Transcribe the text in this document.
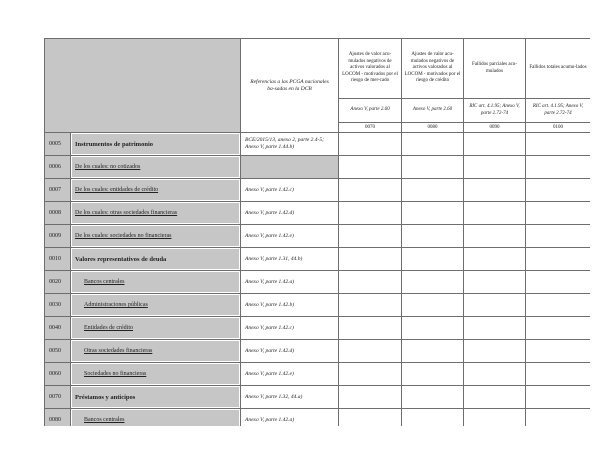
		Referencias a las PCGA nacionales ba-sadas en la DCB	Ajustes de valor acu-mulados negativos de activos valorados al LOCOM - motivados por el riesgo de mer-cado	Ajustes de valor acu-mulados negativos de activos valorados al LOCOM - motivados por el riesgo de crédito	Fallidos parciales acu-mulados	Fallidos totales acumu-lados

			Anexo V, parte 2.60	Anexo V, parte 2.60	RIC art. 4.1.95; Anexo V, parte 2.72-74	RIC art. 4.1.95; Anexo V, parte 2.72-74

			0070	0080	0090	0100

0005	Instrumentos de patrimonio	BCE/2015/13, anexo 2, parte 2.4-5; Anexo V, parte 1.44.b)				

0006	De los cuales: no cotizados					

0007	De los cuales: entidades de crédito	Anexo V, parte 1.42.c)				

0008	De los cuales: otras sociedades financieras	Anexo V, parte 1.42.d)				

0009	De los cuales: sociedades no financieras	Anexo V, parte 1.42.e)				

0010	Valores representativos de deuda	Anexo V, parte 1.31, 44.b)				

0020	Bancos centrales	Anexo V, parte 1.42.a)				

0030	Administraciones públicas	Anexo V, parte 1.42.b)				

0040	Entidades de crédito	Anexo V, parte 1.42.c)				

0050	Otras sociedades financieras	Anexo V, parte 1.42.d)				

0060	Sociedades no financieras	Anexo V, parte 1.42.e)				

0070	Préstamos y anticipos	Anexo V, parte 1.32, 44.a)				

0080	Bancos centrales	Anexo V, parte 1.42.a)				
